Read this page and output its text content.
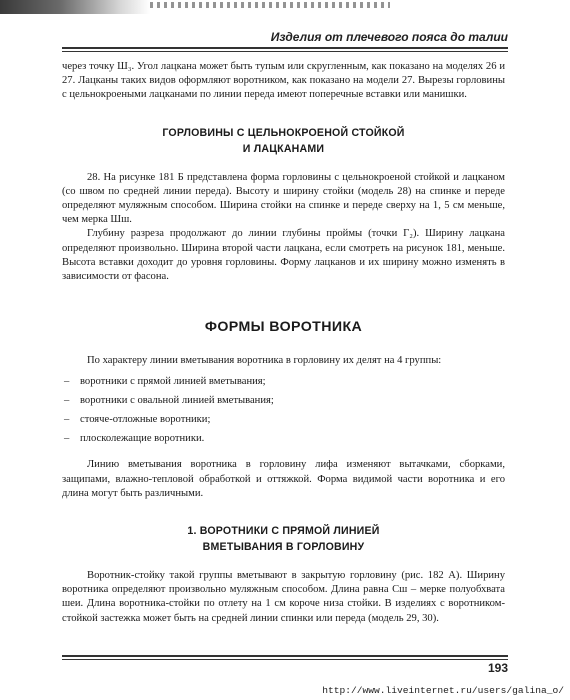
Изделия от плечевого пояса до талии

через точку Ш₃. Угол лацкана может быть тупым или скругленным, как показано на моделях 26 и 27. Лацканы таких видов оформляют воротником, как показано на модели 27. Вырезы горловины с цельнокроеными лацканами по линии переда имеют поперечные вставки или манишки.

ГОРЛОВИНЫ С ЦЕЛЬНОКРОЕНОЙ СТОЙКОЙ
И ЛАЦКАНАМИ

28. На рисунке 181 Б представлена форма горловины с цельнокроеной стойкой и лацканом (со швом по средней линии переда). Высоту и ширину стойки (модель 28) на спинке и переде определяют муляжным способом. Ширина стойки на спинке и переде сверху на 1, 5 см меньше, чем мерка Шш.

Глубину разреза продолжают до линии глубины проймы (точки Г₂). Ширину лацкана определяют произвольно. Ширина второй части лацкана, если смотреть на рисунок 181, меньше. Высота вставки доходит до уровня горловины. Форму лацканов и их ширину можно изменять в зависимости от фасона.

ФОРМЫ ВОРОТНИКА

По характеру линии вметывания воротника в горловину их делят на 4 группы:

– воротники с прямой линией вметывания;
– воротники с овальной линией вметывания;
– стояче-отложные воротники;
– плосколежащие воротники.

Линию вметывания воротника в горловину лифа изменяют вытачками, сборками, защипами, влажно-тепловой обработкой и оттяжкой. Форма видимой части воротника и его длина могут быть различными.

1. ВОРОТНИКИ С ПРЯМОЙ ЛИНИЕЙ
ВМЕТЫВАНИЯ В ГОРЛОВИНУ

Воротник-стойку такой группы вметывают в закрытую горловину (рис. 182 А). Ширину воротника определяют произвольно муляжным способом. Длина равна Сш – мерке полуобхвата шеи. Длина воротника-стойки по отлету на 1 см короче низа стойки. В изделиях с воротником-стойкой застежка может быть на средней линии спинки или переда (модель 29, 30).

193
http://www.liveinternet.ru/users/galina_o/
